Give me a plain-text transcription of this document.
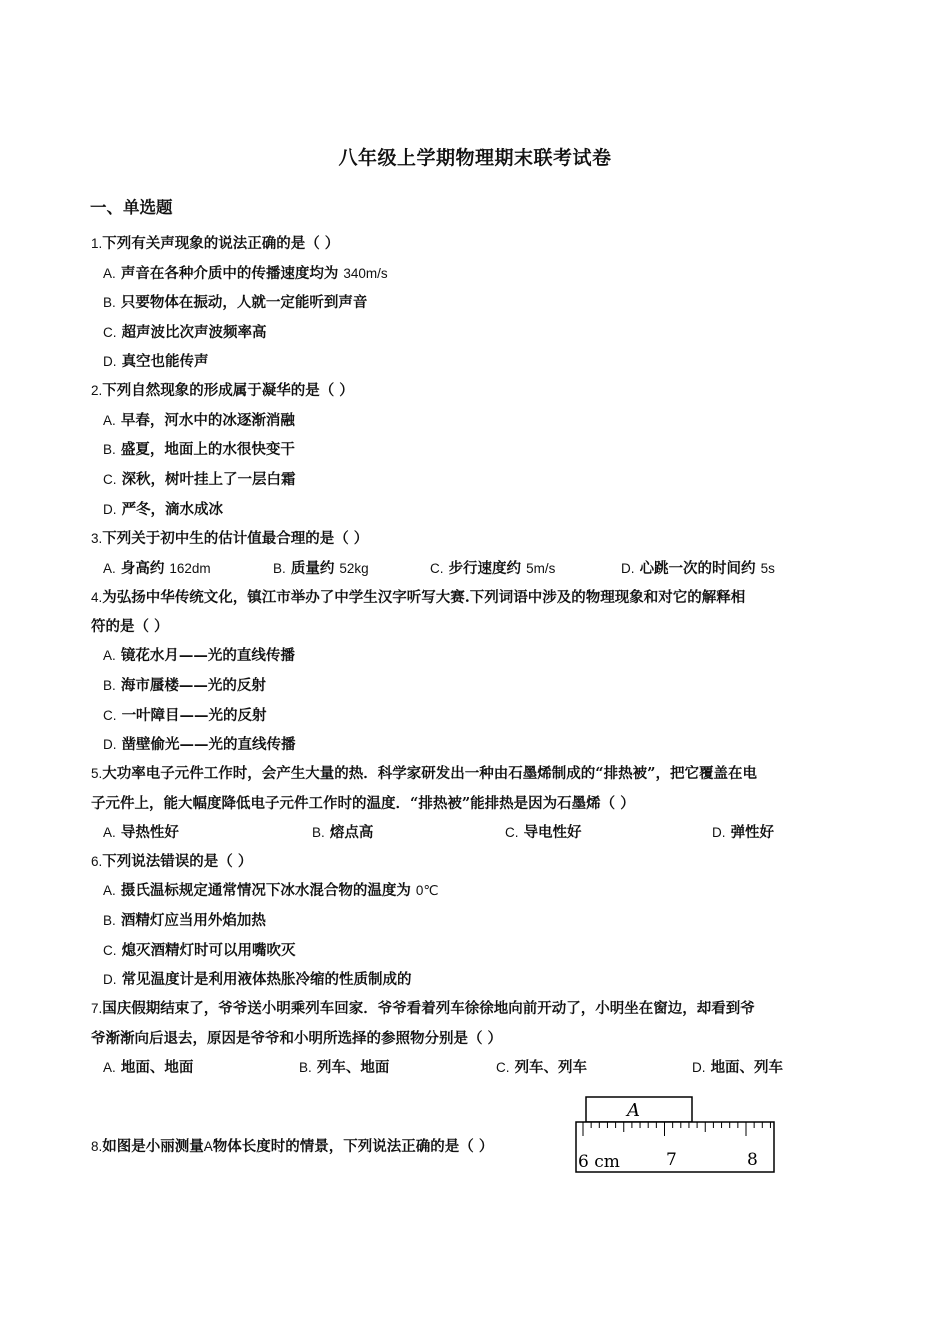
八年级上学期物理期末联考试卷
一、单选题
1.下列有关声现象的说法正确的是（ ）
A. 声音在各种介质中的传播速度均为 340m/s
B. 只要物体在振动，人就一定能听到声音
C. 超声波比次声波频率高
D. 真空也能传声
2.下列自然现象的形成属于凝华的是（ ）
A. 早春，河水中的冰逐渐消融
B. 盛夏，地面上的水很快变干
C. 深秋，树叶挂上了一层白霜
D. 严冬，滴水成冰
3.下列关于初中生的估计值最合理的是（ ）
A. 身高约 162dm	B. 质量约 52kg	C. 步行速度约 5m/s	D. 心跳一次的时间约 5s
4.为弘扬中华传统文化，镇江市举办了中学生汉字听写大赛.下列词语中涉及的物理现象和对它的解释相
符的是（ ）
A. 镜花水月——光的直线传播
B. 海市蜃楼——光的反射
C. 一叶障目——光的反射
D. 凿壁偷光——光的直线传播
5.大功率电子元件工作时，会产生大量的热．科学家研发出一种由石墨烯制成的“排热被”，把它覆盖在电
子元件上，能大幅度降低电子元件工作时的温度．“排热被”能排热是因为石墨烯（ ）
A. 导热性好	B. 熔点高	C. 导电性好	D. 弹性好
6.下列说法错误的是（ ）
A. 摄氏温标规定通常情况下冰水混合物的温度为 0℃
B. 酒精灯应当用外焰加热
C. 熄灭酒精灯时可以用嘴吹灭
D. 常见温度计是利用液体热胀冷缩的性质制成的
7.国庆假期结束了，爷爷送小明乘列车回家．爷爷看着列车徐徐地向前开动了，小明坐在窗边，却看到爷
爷渐渐向后退去，原因是爷爷和小明所选择的参照物分别是（ ）
A. 地面、地面	B. 列车、地面	C. 列车、列车	D. 地面、列车
8.如图是小丽测量A物体长度时的情景，下列说法正确的是（ ）
A
6 cm	7	8
